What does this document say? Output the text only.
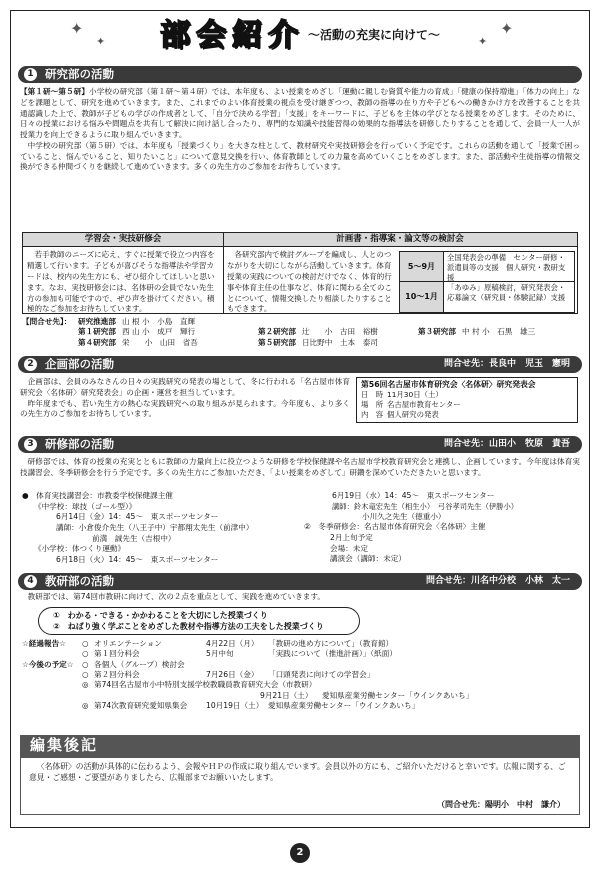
✦
✦
✦
✦
部会紹介 ～活動の充実に向けて～
1 研究部の活動

【第１研～第５研】小学校の研究部（第１研～第４研）では、本年度も、よい授業をめざし「運動に親しむ資質や能力の育成」「健康の保持増進」「体力の向上」などを課題として、研究を進めていきます。また、これまでのよい体育授業の視点を受け継ぎつつ、教師の指導の在り方や子どもへの働きかけ方を改善することを共通認識した上で、教師が子どもの学びの作成者として、「自分で決める学習」「支援」をキーワードに、子どもを主体の学びとなる授業をめざします。そのために、日々の授業における悩みや問題点を共有して解決に向け話し合ったり、専門的な知識や技能習得の効果的な指導法を研修したりすることを通して、会員一人一人が授業力を向上できるように取り組んでいきます。

中学校の研究部（第５研）では、本年度も「授業づくり」を大きな柱として、教材研究や実技研修会を行っていく予定です。これらの活動を通して「授業で困っていること、悩んでいること、知りたいこと」について意見交換を行い、体育教師としての力量を高めていくことをめざします。また、部活動や生徒指導の情報交換ができる仲間づくりを継続して進めていきます。多くの先生方のご参加をお待ちしています。

学習会・実技研修会	計画書・指導案・論文等の検討会
若手教師のニーズに応え、すぐに授業で役立つ内容を精選して行います。子どもが喜びそうな指導法や学習カードは、校内の先生方にも、ぜひ紹介してほしいと思います。なお、実技研修会には、名体研の会員でない先生方の参加も可能ですので、ぜひ声を掛けてください。積極的なご参加をお待ちしています。
各研究部内で検討グループを編成し、人とのつながりを大切にしながら活動していきます。体育授業の実践についての検討だけでなく、体育的行事や体育主任の仕事など、体育に関わる全てのことについて、情報交換したり相談したりすることもできます。
5～9月
全国発表会の準備　センター研修・派遣員等の支援　個人研究・教研支援
10～1月
「あゆみ」原稿検討，研究発表会・応募論文（研究員・体験記録）支援
【問合せ先】： 研究推進部 山 根 小　小島　直輝
第１研究部 西 山 小　成戸　輝行	第２研究部 辻　　小　古田　裕樹	第３研究部 中 村 小　石黒　雄三
第４研究部 栄　　小　山田　省吾	第５研究部 日比野中　土本　泰司
2 企画部の活動	問合せ先：長良中　児玉　憲明

企画部は、会員のみなさんの日々の実践研究の発表の場として、冬に行われる「名古屋市体育研究会〈名体研〉研究発表会」の企画・運営を担当しています。

昨年度までも、若い先生方の熱心な実践研究への取り組みが見られます。今年度も、より多くの先生方のご参加をお待ちしています。

第56回名古屋市体育研究会〈名体研〉研究発表会
日　時 11月30日（土）
場　所 名古屋市教育センター
内　容 個人研究の発表
3 研修部の活動	問合せ先：山田小　牧原　貴吾

研修部では、体育の授業の充実とともに教師の力量向上に役立つような研修を学校保健課や名古屋市学校教育研究会と連携し、企画しています。今年度は体育実技講習会、冬季研修会を行う予定です。多くの先生方にご参加いただき、「よい授業をめざして」研鑽を深めていただきたいと思います。

●　体育実技講習会：市教委学校保健課主催
《中学校：球技（ゴール型）》
6月14日（金）14：45～　東スポーツセンター
講師：小倉俊介先生（八王子中）宇都翔太先生（前津中）
前満　誠先生（吉根中）
《小学校：体つくり運動》
6月18日（火）14：45～　東スポーツセンター
6月19日（水）14：45～　東スポーツセンター
講師：鈴木竜宏先生（相生小）　弓谷孝司先生（伊勝小）
小川久之先生（徳重小）
②　冬季研修会：名古屋市体育研究会〈名体研〉主催
2月上旬予定
会場：未定
講演会（講師：未定）
4 教研部の活動	問合せ先：川名中分校　小林　太一
①　わかる・できる・かかわることを大切にした授業づくり
②　ねばり強く学ぶことをめざした教材や指導方法の工夫をした授業づくり

教研部では、第74回市教研に向けて、次の２点を重点として、実践を進めていきます。

☆経過報告☆	○ オリエンテーション	4月22日（月）	「教研の進め方について」（教育館）
○ 第１回分科会	5月中旬	「実践について（推進計画）」（紙面）
☆今後の予定☆	○ 各個人（グループ）検討会
○ 第２回分科会	7月26日（金）	「口頭発表に向けての学習会」
◎ 第74回名古屋市小中特別支援学校教職員教育研究大会（市教研）
9月21日（土）	愛知県産業労働センター「ウインクあいち」
◎ 第74次教育研究愛知県集会	10月19日（土） 愛知県産業労働センター「ウインクあいち」
編集後記

〈名体研〉の活動が具体的に伝わるよう、会報やＨＰの作成に取り組んでいます。会員以外の方にも、ご紹介いただけると幸いです。広報に関する、ご意見・ご感想・ご要望がありましたら、広報部までお願いいたします。

（問合せ先：陽明小　中村　謙介）
2
